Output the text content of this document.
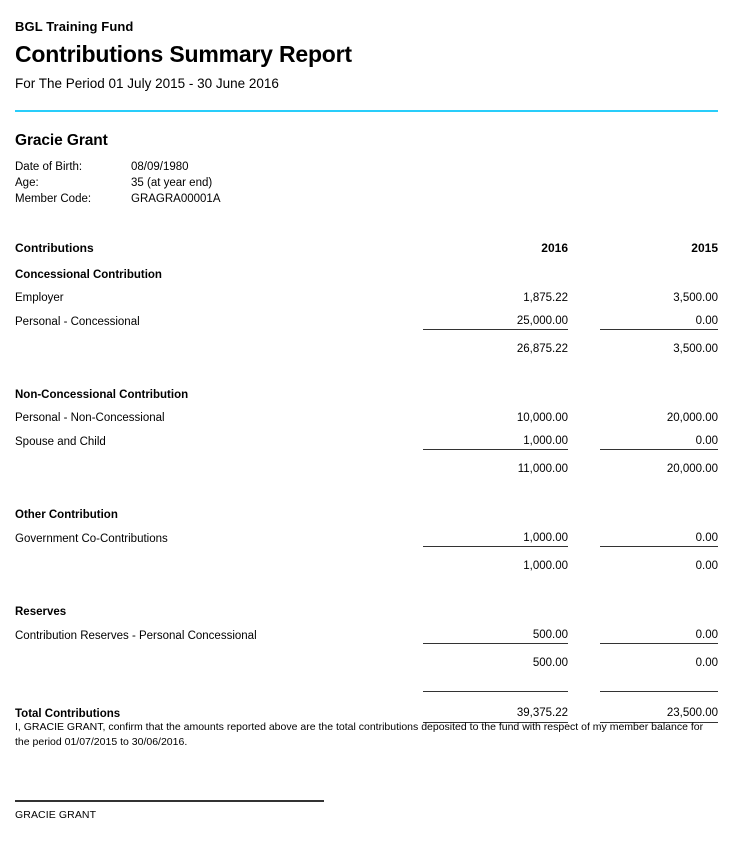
BGL Training Fund
Contributions Summary Report
For The Period 01 July 2015 - 30 June 2016
Gracie Grant
Date of Birth:	08/09/1980
Age:	35 (at year end)
Member Code:	GRAGRA00001A
Contributions	2016		2015
Concessional Contribution			
Employer	1,875.22		3,500.00
Personal - Concessional	25,000.00		0.00
	26,875.22		3,500.00

Non-Concessional Contribution			
Personal - Non-Concessional	10,000.00		20,000.00
Spouse and Child	1,000.00		0.00
	11,000.00		20,000.00

Other Contribution			
Government Co-Contributions	1,000.00		0.00
	1,000.00		0.00

Reserves			
Contribution Reserves - Personal Concessional	500.00		0.00
	500.00		0.00

Total Contributions	39,375.22		23,500.00
I, GRACIE GRANT, confirm that the amounts reported above are the total contributions deposited to the fund with respect of my member balance for the period 01/07/2015 to 30/06/2016.
GRACIE GRANT
